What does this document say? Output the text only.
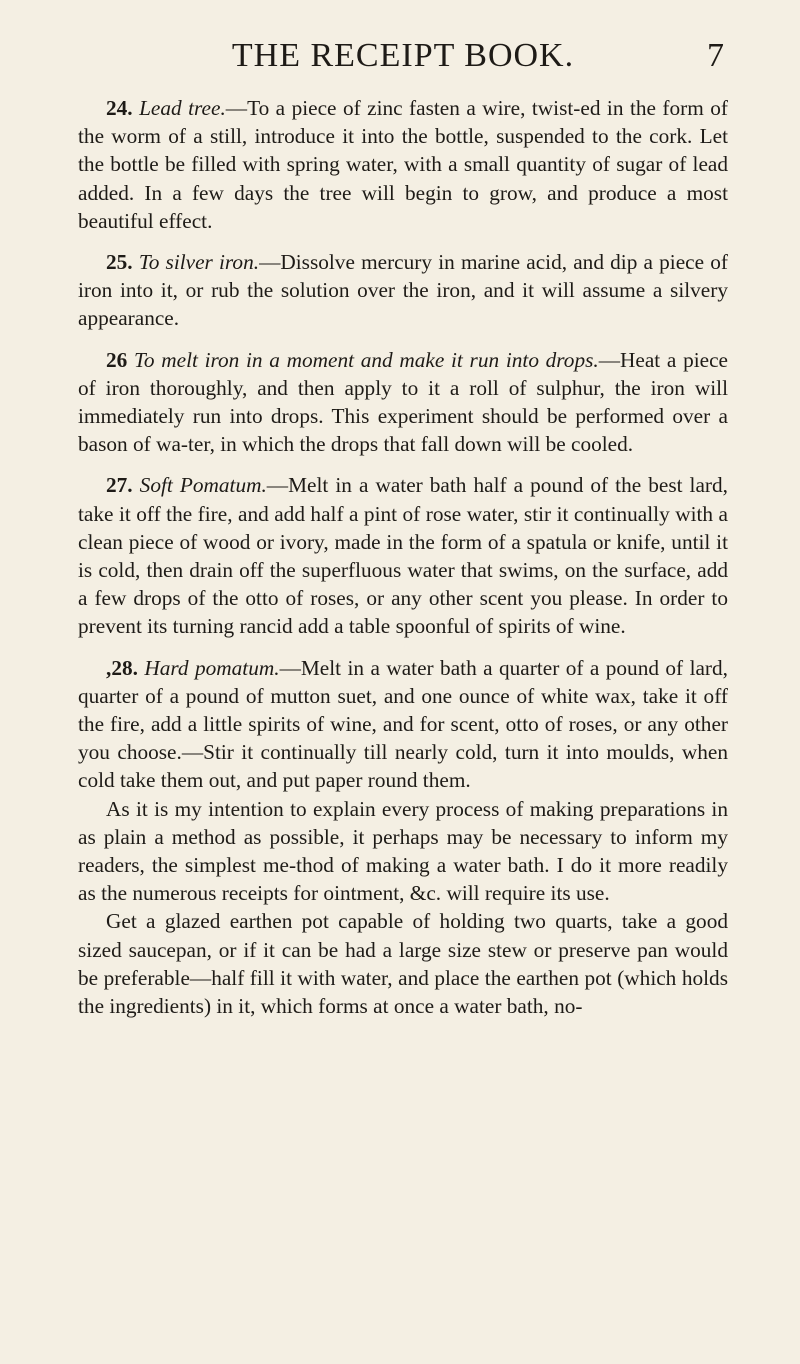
THE RECEIPT BOOK.	7

24. Lead tree.—To a piece of zinc fasten a wire, twist-ed in the form of the worm of a still, introduce it into the bottle, suspended to the cork. Let the bottle be filled with spring water, with a small quantity of sugar of lead added. In a few days the tree will begin to grow, and produce a most beautiful effect.

25. To silver iron.—Dissolve mercury in marine acid, and dip a piece of iron into it, or rub the solution over the iron, and it will assume a silvery appearance.

26 To melt iron in a moment and make it run into drops.—Heat a piece of iron thoroughly, and then apply to it a roll of sulphur, the iron will immediately run into drops. This experiment should be performed over a bason of wa-ter, in which the drops that fall down will be cooled.

27. Soft Pomatum.—Melt in a water bath half a pound of the best lard, take it off the fire, and add half a pint of rose water, stir it continually with a clean piece of wood or ivory, made in the form of a spatula or knife, until it is cold, then drain off the superfluous water that swims, on the surface, add a few drops of the otto of roses, or any other scent you please. In order to prevent its turning rancid add a table spoonful of spirits of wine.

,28. Hard pomatum.—Melt in a water bath a quarter of a pound of lard, quarter of a pound of mutton suet, and one ounce of white wax, take it off the fire, add a little spirits of wine, and for scent, otto of roses, or any other you choose.—Stir it continually till nearly cold, turn it into moulds, when cold take them out, and put paper round them.

As it is my intention to explain every process of making preparations in as plain a method as possible, it perhaps may be necessary to inform my readers, the simplest me-thod of making a water bath. I do it more readily as the numerous receipts for ointment, &c. will require its use.

Get a glazed earthen pot capable of holding two quarts, take a good sized saucepan, or if it can be had a large size stew or preserve pan would be preferable—half fill it with water, and place the earthen pot (which holds the ingredients) in it, which forms at once a water bath, no-
